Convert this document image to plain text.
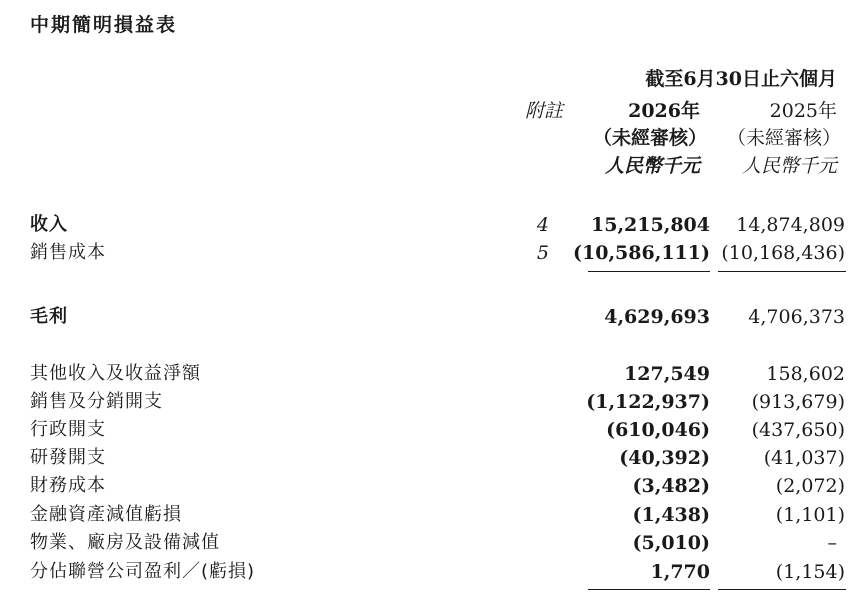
中期簡明損益表
截至6月30日止六個月
附註	2026年	2025年
（未經審核） （未經審核）
人民幣千元 人民幣千元
收入	4 15,215,804 14,874,809
銷售成本	5 (10,586,111) (10,168,436)
毛利	4,629,693 4,706,373
其他收入及收益淨額	127,549	158,602
銷售及分銷開支	(1,122,937) (913,679)
行政開支	(610,046) (437,650)
研發開支	(40,392)	(41,037)
財務成本	(3,482)	(2,072)
金融資產減值虧損	(1,438)	(1,101)
物業、廠房及設備減值	(5,010)	–
分佔聯營公司盈利／(虧損)	1,770	(1,154)
